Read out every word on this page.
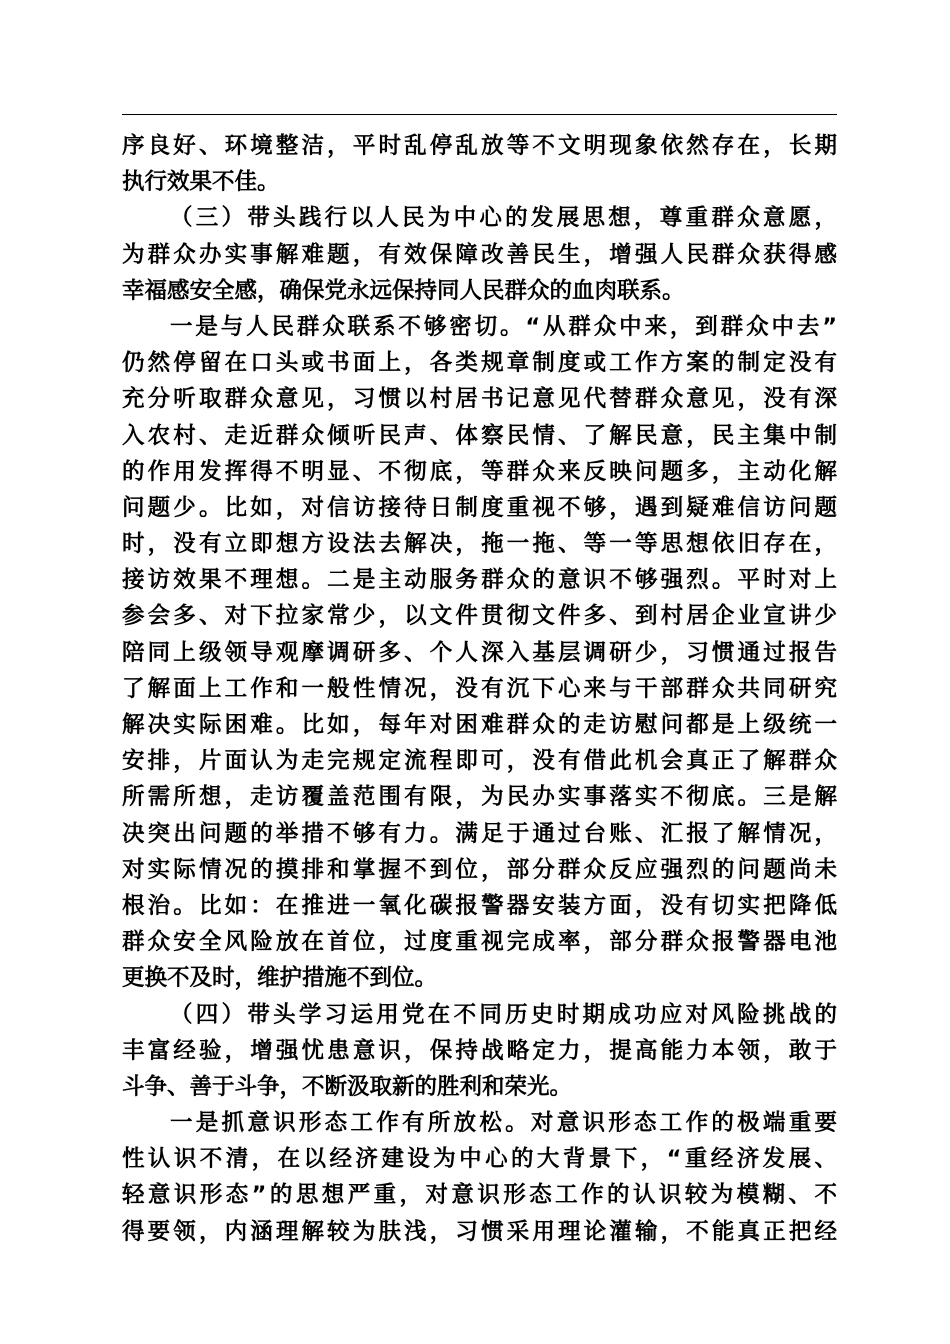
序良好、环境整洁，平时乱停乱放等不文明现象依然存在，长期
执行效果不佳。
（三）带头践行以人民为中心的发展思想，尊重群众意愿，
为群众办实事解难题，有效保障改善民生，增强人民群众获得感
幸福感安全感，确保党永远保持同人民群众的血肉联系。
一是与人民群众联系不够密切。“从群众中来，到群众中去”
仍然停留在口头或书面上，各类规章制度或工作方案的制定没有
充分听取群众意见，习惯以村居书记意见代替群众意见，没有深
入农村、走近群众倾听民声、体察民情、了解民意，民主集中制
的作用发挥得不明显、不彻底，等群众来反映问题多，主动化解
问题少。比如，对信访接待日制度重视不够，遇到疑难信访问题
时，没有立即想方设法去解决，拖一拖、等一等思想依旧存在，
接访效果不理想。二是主动服务群众的意识不够强烈。平时对上
参会多、对下拉家常少，以文件贯彻文件多、到村居企业宣讲少
陪同上级领导观摩调研多、个人深入基层调研少，习惯通过报告
了解面上工作和一般性情况，没有沉下心来与干部群众共同研究
解决实际困难。比如，每年对困难群众的走访慰问都是上级统一
安排，片面认为走完规定流程即可，没有借此机会真正了解群众
所需所想，走访覆盖范围有限，为民办实事落实不彻底。三是解
决突出问题的举措不够有力。满足于通过台账、汇报了解情况，
对实际情况的摸排和掌握不到位，部分群众反应强烈的问题尚未
根治。比如：在推进一氧化碳报警器安装方面，没有切实把降低
群众安全风险放在首位，过度重视完成率，部分群众报警器电池
更换不及时，维护措施不到位。
（四）带头学习运用党在不同历史时期成功应对风险挑战的
丰富经验，增强忧患意识，保持战略定力，提高能力本领，敢于
斗争、善于斗争，不断汲取新的胜利和荣光。
一是抓意识形态工作有所放松。对意识形态工作的极端重要
性认识不清，在以经济建设为中心的大背景下，“重经济发展、
轻意识形态”的思想严重，对意识形态工作的认识较为模糊、不
得要领，内涵理解较为肤浅，习惯采用理论灌输，不能真正把经
